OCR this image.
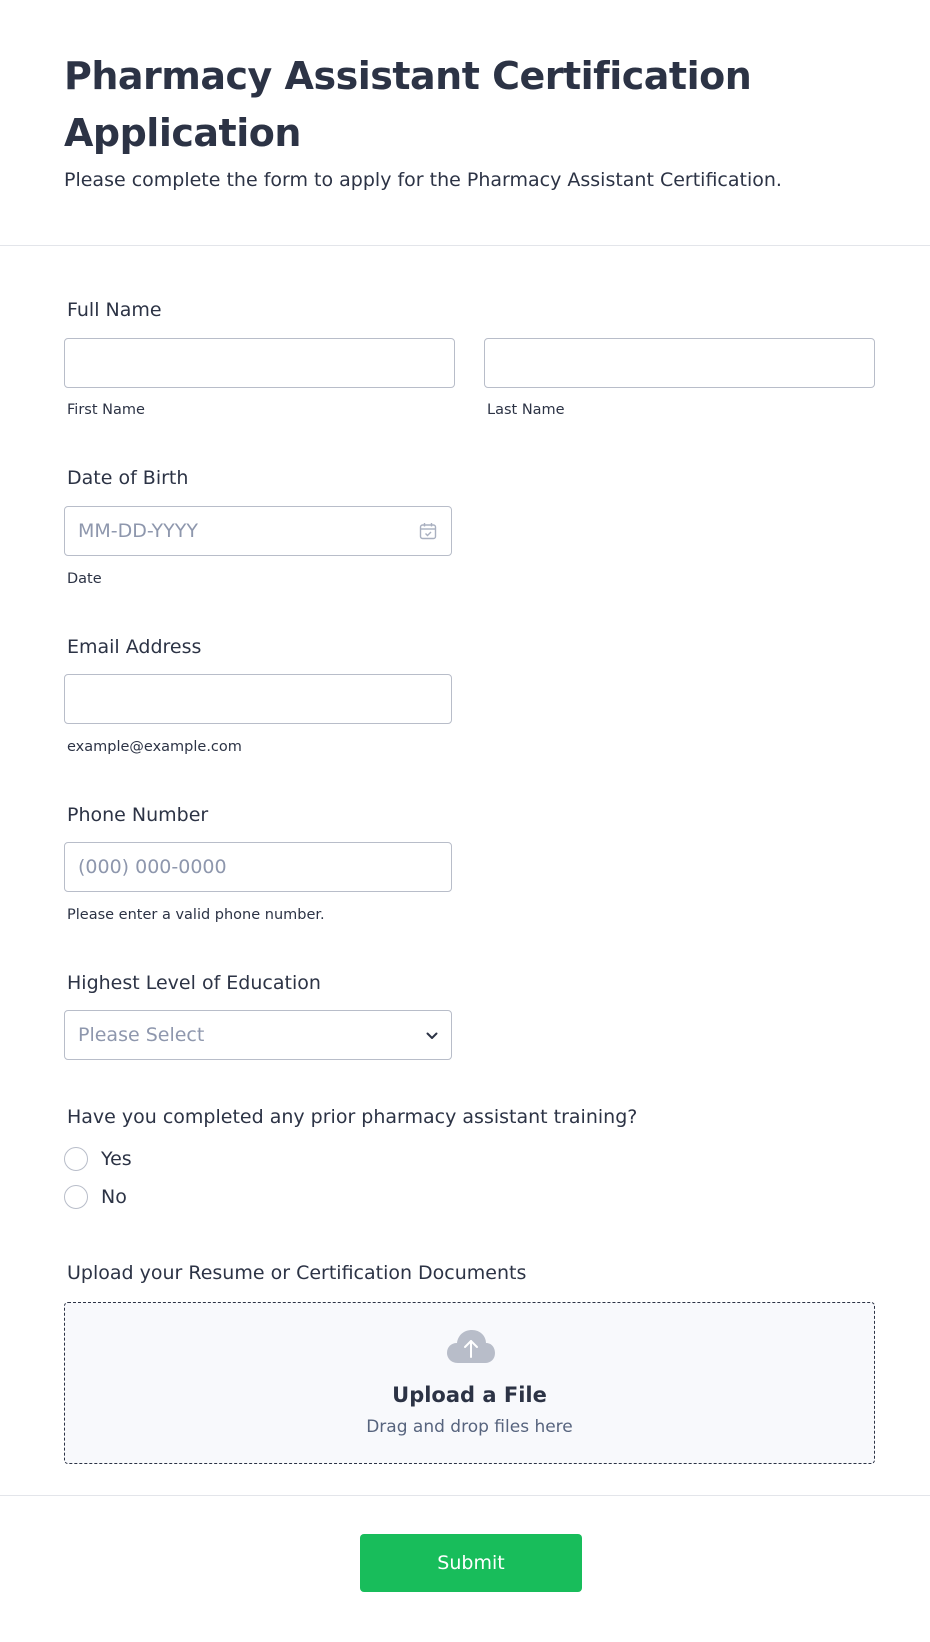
Pharmacy Assistant Certification Application

Please complete the form to apply for the Pharmacy Assistant Certification.

Full Name
First Name	Last Name
Date of Birth
MM-DD-YYYY
Date
Email Address
example@example.com
Phone Number
(000) 000-0000
Please enter a valid phone number.
Highest Level of Education
Please Select
Have you completed any prior pharmacy assistant training?
Yes
No
Upload your Resume or Certification Documents
Upload a File
Drag and drop files here
Submit
